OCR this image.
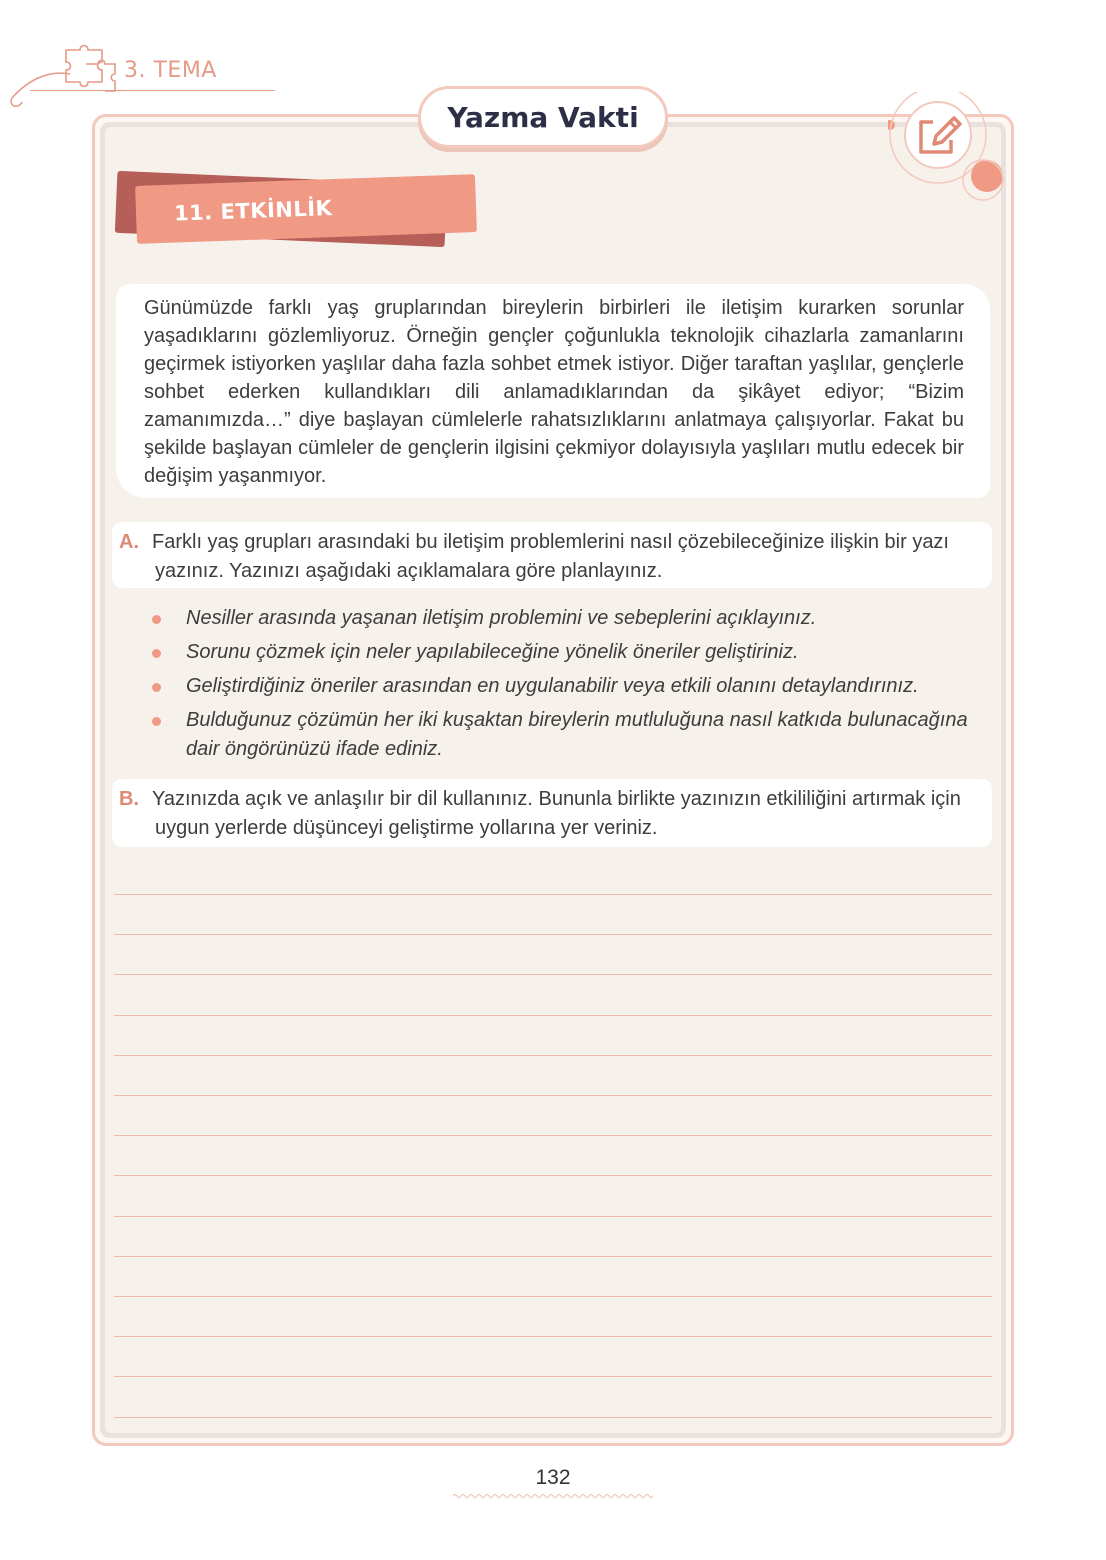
3. TEMA
Yazma Vakti
11. ETKİNLİK

Günümüzde farklı yaş gruplarından bireylerin birbirleri ile iletişim kurarken sorunlar yaşadıklarını gözlemliyoruz. Örneğin gençler çoğunlukla teknolojik cihazlarla zamanlarını geçirmek istiyorken yaşlılar daha fazla sohbet etmek istiyor. Diğer taraftan yaşlılar, gençlerle sohbet ederken kullandıkları dili anlamadıklarından da şikâyet ediyor; “Bizim zamanımızda…” diye başlayan cümlelerle rahatsızlıklarını anlatmaya çalışıyorlar. Fakat bu şekilde başlayan cümleler de gençlerin ilgisini çekmiyor dolayısıyla yaşlıları mutlu edecek bir değişim yaşanmıyor.

A. Farklı yaş grupları arasındaki bu iletişim problemlerini nasıl çözebileceğinize ilişkin bir yazı
yazınız. Yazınızı aşağıdaki açıklamalara göre planlayınız.

Nesiller arasında yaşanan iletişim problemini ve sebeplerini açıklayınız.
Sorunu çözmek için neler yapılabileceğine yönelik öneriler geliştiriniz.
Geliştirdiğiniz öneriler arasından en uygulanabilir veya etkili olanını detaylandırınız.
Bulduğunuz çözümün her iki kuşaktan bireylerin mutluluğuna nasıl katkıda bulunacağına dair öngörünüzü ifade ediniz.
B. Yazınızda açık ve anlaşılır bir dil kullanınız. Bununla birlikte yazınızın etkililiğini artırmak için
uygun yerlerde düşünceyi geliştirme yollarına yer veriniz.

132
